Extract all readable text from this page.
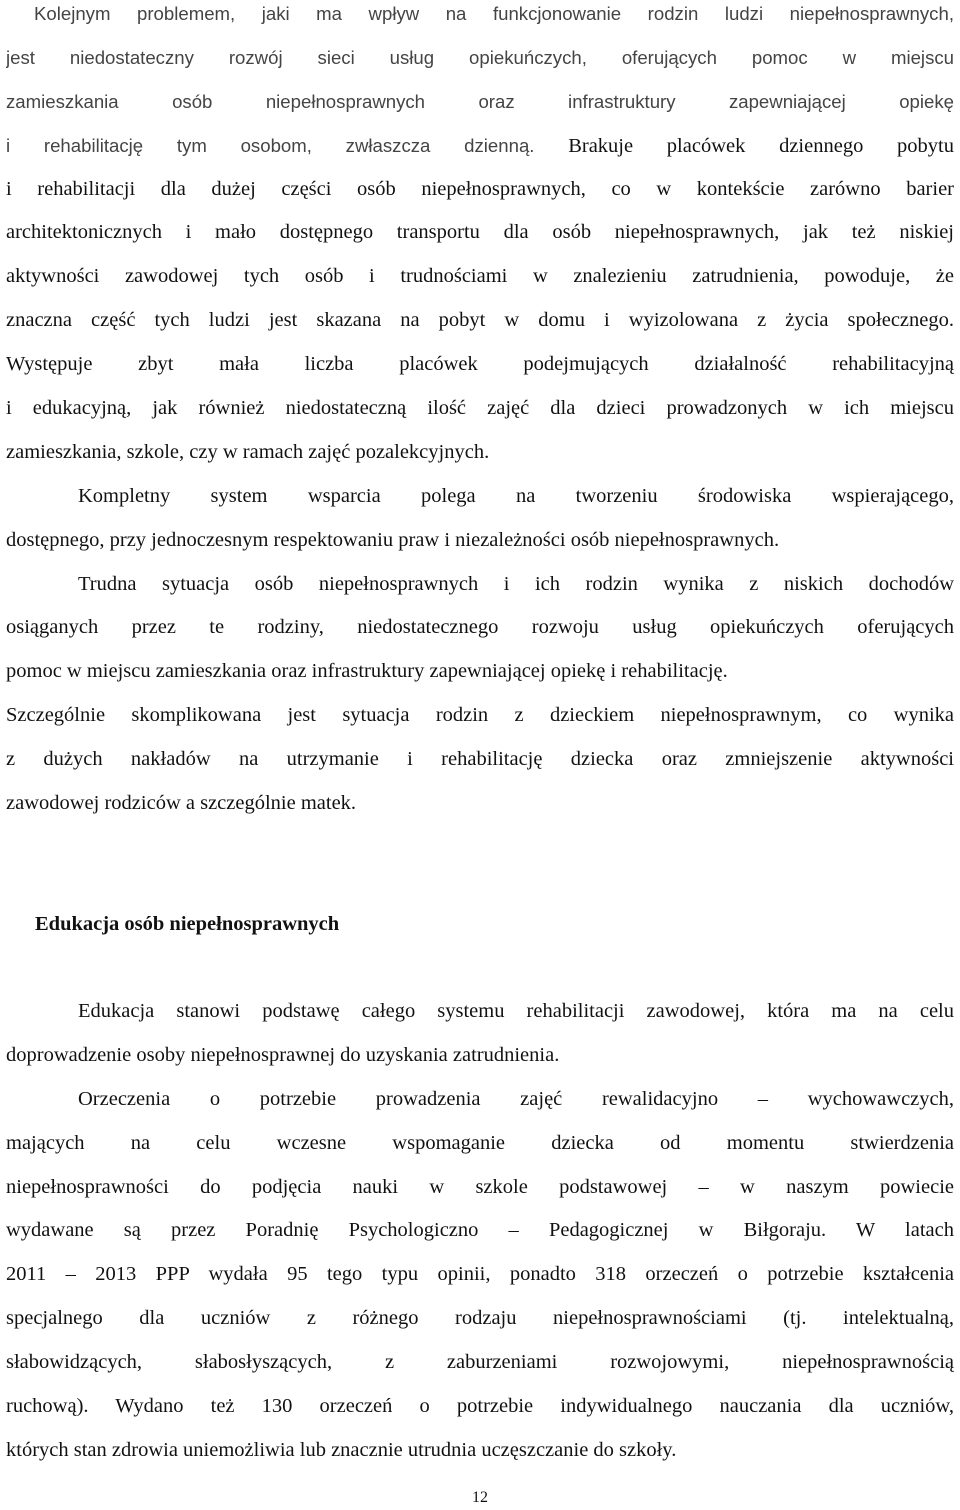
Kolejnym problemem, jaki ma wpływ na funkcjonowanie rodzin ludzi niepełnosprawnych,
jest niedostateczny rozwój sieci usług opiekuńczych, oferujących pomoc w miejscu
zamieszkania osób niepełnosprawnych oraz infrastruktury zapewniającej opiekę
i rehabilitację tym osobom, zwłaszcza dzienną. Brakuje placówek dziennego pobytu
i rehabilitacji dla dużej części osób niepełnosprawnych, co w kontekście zarówno barier
architektonicznych i mało dostępnego transportu dla osób niepełnosprawnych, jak też niskiej
aktywności zawodowej tych osób i trudnościami w znalezieniu zatrudnienia, powoduje, że
znaczna część tych ludzi jest skazana na pobyt w domu i wyizolowana z życia społecznego.
Występuje zbyt mała liczba placówek podejmujących działalność rehabilitacyjną
i edukacyjną, jak również niedostateczną ilość zajęć dla dzieci prowadzonych w ich miejscu
zamieszkania, szkole, czy w ramach zajęć pozalekcyjnych.
Kompletny system wsparcia polega na tworzeniu środowiska wspierającego,
dostępnego, przy jednoczesnym respektowaniu praw i niezależności osób niepełnosprawnych.
Trudna sytuacja osób niepełnosprawnych i ich rodzin wynika z niskich dochodów
osiąganych przez te rodziny, niedostatecznego rozwoju usług opiekuńczych oferujących
pomoc w miejscu zamieszkania oraz infrastruktury zapewniającej opiekę i rehabilitację.
Szczególnie skomplikowana jest sytuacja rodzin z dzieckiem niepełnosprawnym, co wynika
z dużych nakładów na utrzymanie i rehabilitację dziecka oraz zmniejszenie aktywności
zawodowej rodziców a szczególnie matek.
Edukacja osób niepełnosprawnych
Edukacja stanowi podstawę całego systemu rehabilitacji zawodowej, która ma na celu
doprowadzenie osoby niepełnosprawnej do uzyskania zatrudnienia.
Orzeczenia o potrzebie prowadzenia zajęć rewalidacyjno – wychowawczych,
mających na celu wczesne wspomaganie dziecka od momentu stwierdzenia
niepełnosprawności do podjęcia nauki w szkole podstawowej – w naszym powiecie
wydawane są przez Poradnię Psychologiczno – Pedagogicznej w Biłgoraju. W latach
2011 – 2013 PPP wydała 95 tego typu opinii, ponadto 318 orzeczeń o potrzebie kształcenia
specjalnego dla uczniów z różnego rodzaju niepełnosprawnościami (tj. intelektualną,
słabowidzących, słabosłyszących, z zaburzeniami rozwojowymi, niepełnosprawnością
ruchową). Wydano też 130 orzeczeń o potrzebie indywidualnego nauczania dla uczniów,
których stan zdrowia uniemożliwia lub znacznie utrudnia uczęszczanie do szkoły.
12
